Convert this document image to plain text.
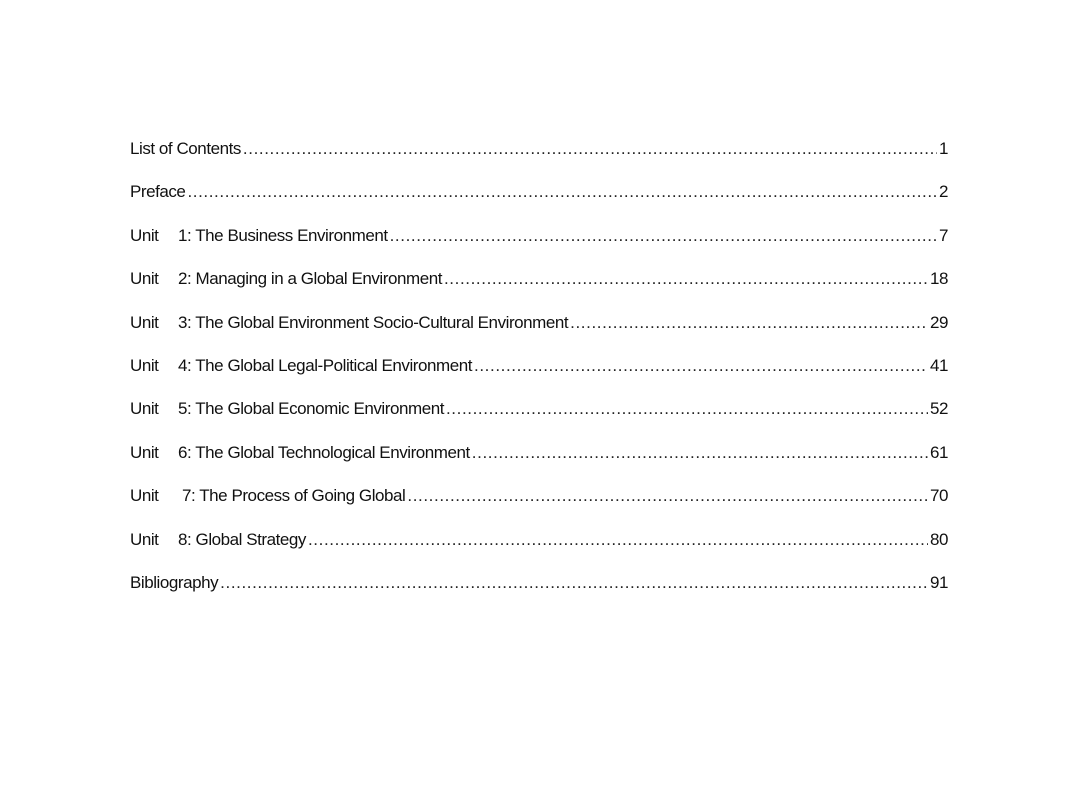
List of Contents .....	1
Preface .....	2
Unit	1: The Business Environment .....	7
Unit	2: Managing in a Global Environment .....	18
Unit	3: The Global Environment Socio-Cultural Environment .....	29
Unit	4: The Global Legal-Political Environment .....	41
Unit	5: The Global Economic Environment .....	52
Unit	6: The Global Technological Environment .....	61
Unit	7: The Process of Going Global .....	70
Unit	8: Global Strategy .....	80
Bibliography .....	91
